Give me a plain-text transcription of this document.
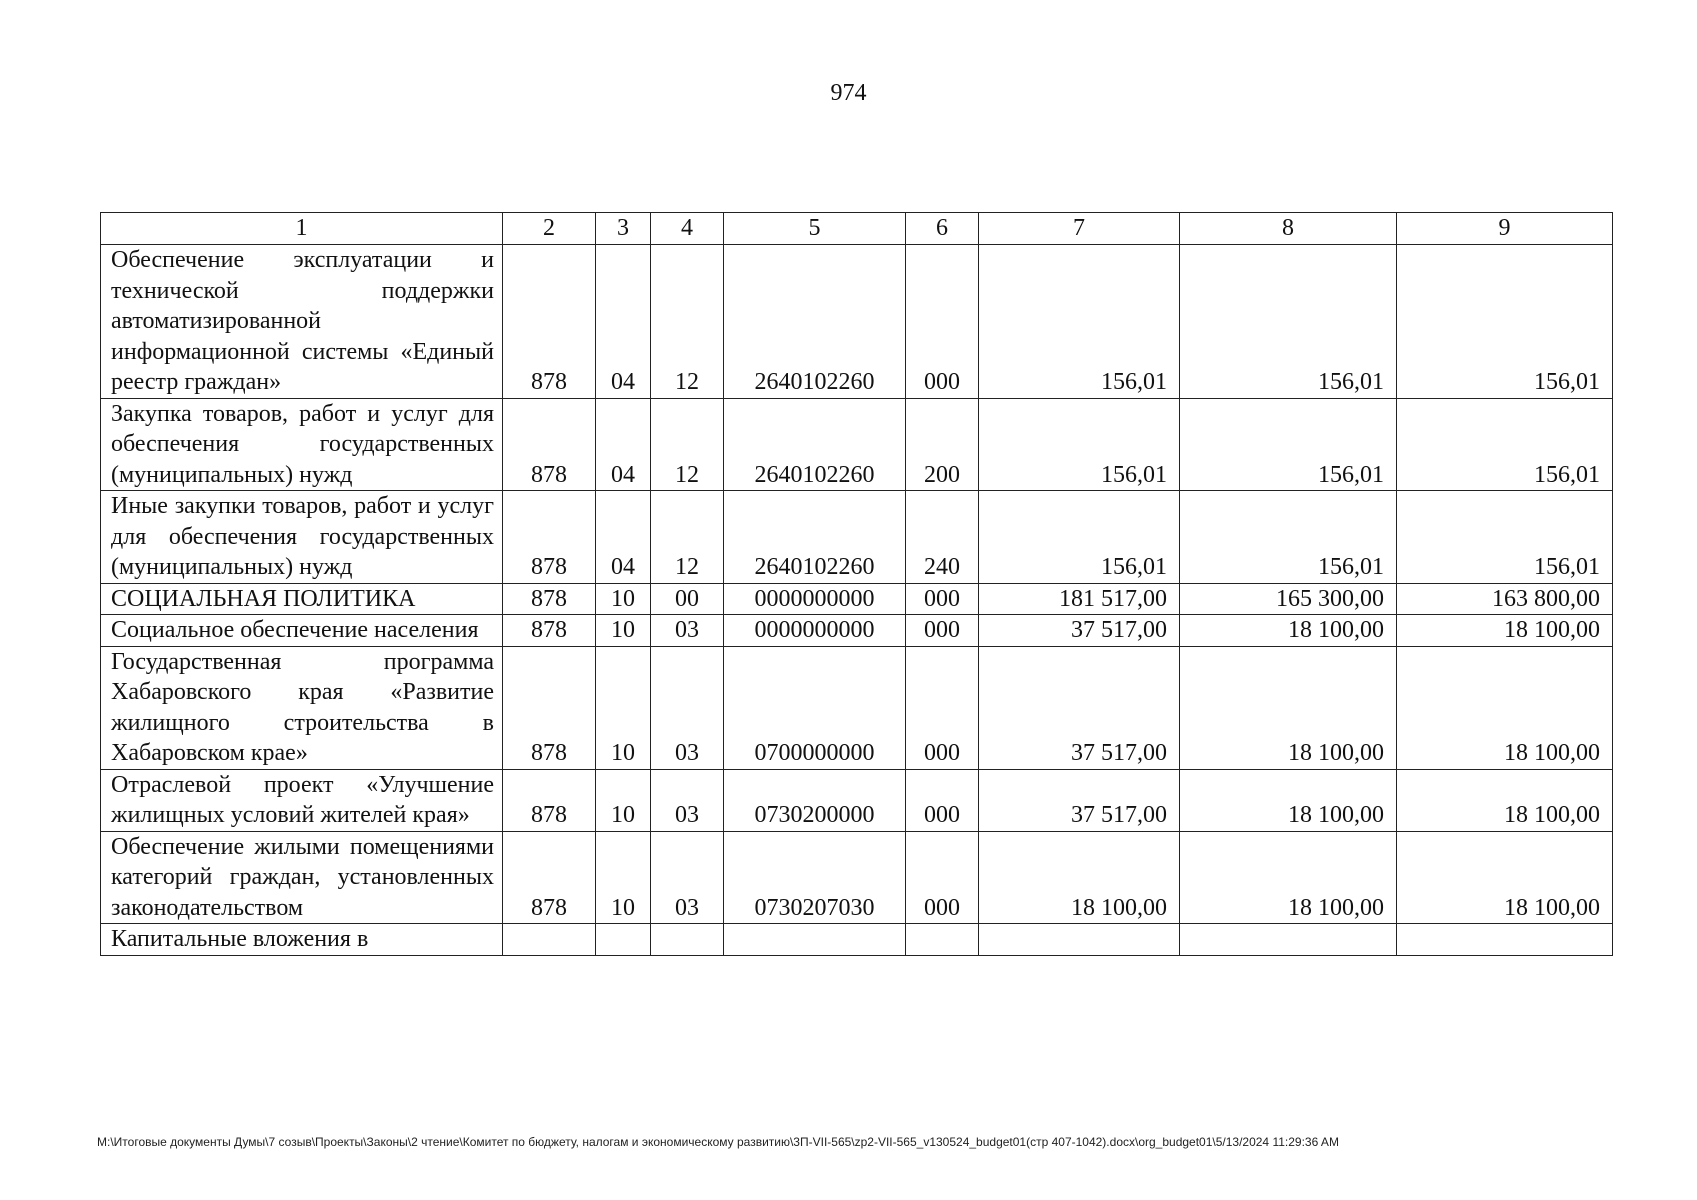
974
1	2	3	4	5	6	7	8	9
Обеспечение эксплуатации и технической поддержки автоматизированной информационной системы «Единый реестр граждан»	878	04	12	2640102260	000	156,01	156,01	156,01
Закупка товаров, работ и услуг для обеспечения государственных (муниципальных) нужд	878	04	12	2640102260	200	156,01	156,01	156,01
Иные закупки товаров, работ и услуг для обеспечения государственных (муниципальных) нужд	878	04	12	2640102260	240	156,01	156,01	156,01
СОЦИАЛЬНАЯ ПОЛИТИКА	878	10	00	0000000000	000	181 517,00	165 300,00	163 800,00
Социальное обеспечение населения	878	10	03	0000000000	000	37 517,00	18 100,00	18 100,00
Государственная программа Хабаровского края «Развитие жилищного строительства в Хабаровском крае»	878	10	03	0700000000	000	37 517,00	18 100,00	18 100,00
Отраслевой проект «Улучшение жилищных условий жителей края»	878	10	03	0730200000	000	37 517,00	18 100,00	18 100,00
Обеспечение жилыми помещениями категорий граждан, установленных законодательством	878	10	03	0730207030	000	18 100,00	18 100,00	18 100,00
Капитальные вложения в								
M:\Итоговые документы Думы\7 созыв\Проекты\Законы\2 чтение\Комитет по бюджету, налогам и экономическому развитию\3П-VII-565\zp2-VII-565_v130524_budget01(стр 407-1042).docx\org_budget01\5/13/2024 11:29:36 AM
